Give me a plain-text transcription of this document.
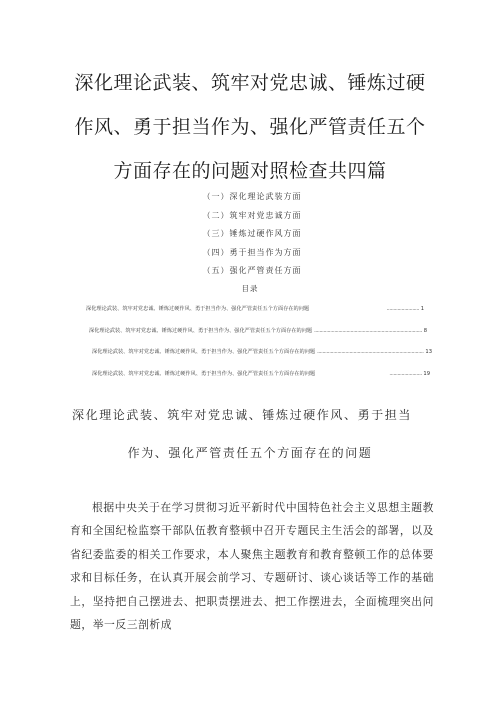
深化理论武装、筑牢对党忠诚、锤炼过硬
作风、勇于担当作为、强化严管责任五个
方面存在的问题对照检查共四篇
（一）深化理论武装方面
（二）筑牢对党忠诚方面
（三）锤炼过硬作风方面
（四）勇于担当作为方面
（五）强化严管责任方面
目录
深化理论武装、筑牢对党忠诚、锤炼过硬作风、勇于担当作为、强化严管责任五个方面存在的问题	........................ 1
深化理论武装、筑牢对党忠诚、锤炼过硬作风、勇于担当作为、强化严管责任五个方面存在的问题 ................................................................................ 8
深化理论武装、筑牢对党忠诚、锤炼过硬作风、勇于担当作为、强化严管责任五个方面存在的问题 ............................................................................... 13
深化理论武装、筑牢对党忠诚、锤炼过硬作风、勇于担当作为、强化严管责任五个方面存在的问题	........................ 19
深化理论武装、筑牢对党忠诚、锤炼过硬作风、勇于担当
作为、强化严管责任五个方面存在的问题
根据中央关于在学习贯彻习近平新时代中国特色社会主义思想主题教育和全国纪检监察干部队伍教育整顿中召开专题民主生活会的部署，以及省纪委监委的相关工作要求，本人聚焦主题教育和教育整顿工作的总体要求和目标任务，在认真开展会前学习、专题研讨、谈心谈话等工作的基础上，坚持把自己摆进去、把职责摆进去、把工作摆进去，全面梳理突出问题，举一反三剖析成
